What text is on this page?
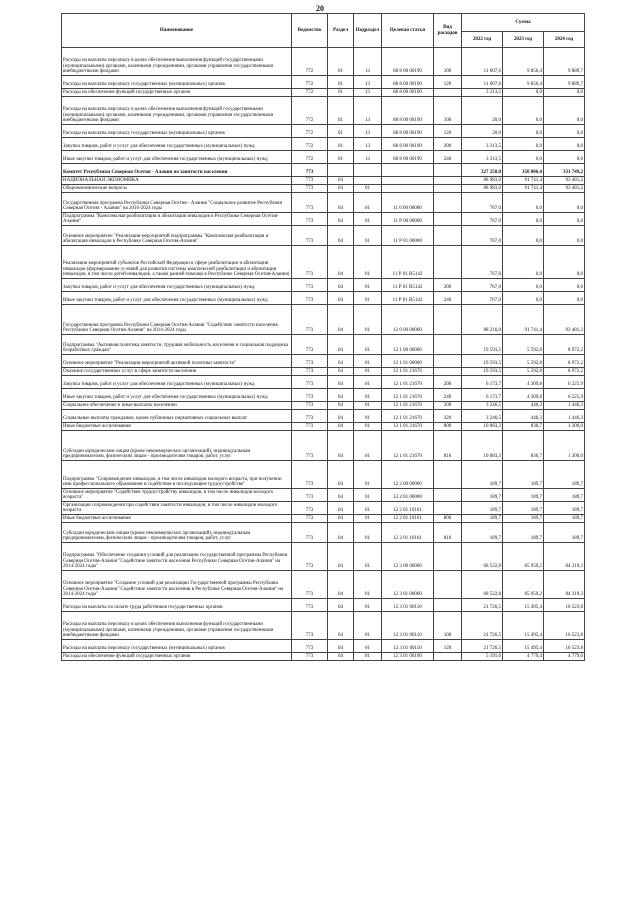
20
Наименование	Ведомство	Раздел	Подраздел	Целевая статья	Вид расходов	Сумма		
						2022 год	2023 год	2024 год
Расходы на выплаты персоналу в целях обеспечения выполнения функций государственными (муниципальными) органами, казенными учреждениями, органами управления государственными внебюджетными фондами	772	01	13	88 8 00 00190	100	11 607,6	9 856,4	9 889,7
Расходы на выплаты персоналу государственных (муниципальных) органов	772	01	13	88 8 00 00190	120	11 607,6	9 856,4	9 889,7
Расходы на обеспечение функций государственных органов	772	01	13	88 8 00 00190		3 313,5	0,0	0,0
Расходы на выплаты персоналу в целях обеспечения выполнения функций государственными (муниципальными) органами, казенными учреждениями, органами управления государственными внебюджетными фондами	772	01	13	88 8 00 00190	100	20,0	0,0	0,0
Расходы на выплаты персоналу государственных (муниципальных) органов	772	01	13	88 8 00 00190	120	20,0	0,0	0,0
Закупка товаров, работ и услуг для обеспечения государственных (муниципальных) нужд	772	01	13	88 8 00 00190	200	3 313,5	0,0	0,0
Иные закупки товаров, работ и услуг для обеспечения государственных (муниципальных) нужд	772	01	13	88 8 00 00190	240	3 313,5	0,0	0,0
Комитет Республики Северная Осетия - Алания по занятости населения	773					327 250,0	350 006,4	331 749,2
НАЦИОНАЛЬНАЯ ЭКОНОМИКА	773	04				88 983,0	91 741,4	93 481,2
Общеэкономические вопросы	773	04	01			88 983,0	91 741,4	93 481,2
Государственная программа Республики Северная Осетия - Алания "Социальное развитие Республики Северная Осетия - Алания" на 2016-2024 годы	773	04	01	11 0 00 00000		767,0	0,0	0,0
Подпрограмма "Комплексная реабилитация и абилитация инвалидов в Республике Северная Осетия-Алания"	773	04	01	11 Р 00 00000		767,0	0,0	0,0
Основное мероприятие "Реализация мероприятий подпрограммы "Комплексная реабилитация и абилитация инвалидов в Республике Северная Осетия-Алания"	773	04	01	11 Р 01 00000		767,0	0,0	0,0
Реализация мероприятий субъектов Российской Федерации в сфере реабилитации и абилитации инвалидов (формирование условий для развития системы комплексной реабилитации и абилитации инвалидов, в том числе детей-инвалидов, а также ранней помощи в Республике Северная Осетия-Алания)	773	04	01	11 Р 01 R5142		767,0	0,0	0,0
Закупка товаров, работ и услуг для обеспечения государственных (муниципальных) нужд	773	04	01	11 Р 01 R5142	200	767,0	0,0	0,0
Иные закупки товаров, работ и услуг для обеспечения государственных (муниципальных) нужд	773	04	01	11 Р 01 R5142	240	767,0	0,0	0,0
Государственная программа Республики Северная Осетия-Алания "Содействие занятости населения Республики Северная Осетия-Алания" на 2014-2024 годы	773	04	01	12 0 00 00000		88 216,0	91 741,4	93 481,2
Подпрограмма "Активная политика занятости, трудовая мобильность населения и социальная поддержка безработных граждан"	773	04	01	12 1 00 00000		19 593,5	5 592,8	8 972,2
Основное мероприятие "Реализация мероприятий активной политики занятости"	773	04	01	12 1 01 00000		19 593,5	5 592,8	8 972,2
Оказание государственных услуг в сфере занятости населения	773	04	01	12 1 01 21670		19 593,5	5 592,8	8 972,2
Закупка товаров, работ и услуг для обеспечения государственных (муниципальных) нужд	773	04	01	12 1 01 21670	200	6 173,7	4 309,8	6 225,9
Иные закупки товаров, работ и услуг для обеспечения государственных (муниципальных) нужд	773	04	01	12 1 01 21670	240	6 173,7	4 309,8	6 225,9
Социальное обеспечение и иные выплаты населению	773	04	01	12 1 01 21670	300	3 246,5	446,3	1 446,3
Социальные выплаты гражданам, кроме публичных нормативных социальных выплат	773	04	01	12 1 01 21670	320	3 246,5	446,3	1 446,3
Иные бюджетные ассигнования	773	04	01	12 1 01 21670	800	10 083,3	836,7	1 300,0
Субсидии юридическим лицам (кроме некоммерческих организаций), индивидуальным предпринимателям, физическим лицам - производителям товаров, работ, услуг	773	04	01	12 1 01 21670	810	10 083,3	836,7	1 300,0
Подпрограмма "Сопровождение инвалидов, в том числе инвалидов молодого возраста, при получении ими профессионального образования и содействия в последующем трудоустройстве"	773	04	01	12 2 00 00000		189,7	189,7	189,7
Основное мероприятие "Содействие трудоустройству инвалидов, в том числе инвалидов молодого возраста"	773	04	01	12 2 01 00000		189,7	189,7	189,7
Организация сопровождения при содействии занятости инвалидов, в том числе инвалидов молодого возраста	773	04	01	12 2 01 10161		189,7	189,7	189,7
Иные бюджетные ассигнования	773	04	01	12 2 01 10161	800	189,7	189,7	189,7
Субсидии юридическим лицам (кроме некоммерческих организаций), индивидуальным предпринимателям, физическим лицам - производителям товаров, работ, услуг	773	04	01	12 2 01 10161	810	189,7	189,7	189,7
Подпрограмма "Обеспечение создания условий для реализации государственной программы Республики Северная Осетия-Алания "Содействие занятости населения Республики Северная Осетия-Алания" на 2014-2024 годы"	773	04	01	12 3 00 00000		68 522,8	85 959,2	84 319,3
Основное мероприятие "Создание условий для реализации Государственной программы Республики Северная Осетия-Алания "Содействие занятости населения в Республике Северная Осетия-Алания" на 2014-2024 годы"	773	04	01	12 3 01 00000		68 522,8	85 959,2	84 319,3
Расходы на выплаты по оплате труда работников государственных органов	773	04	01	12 3 01 00110		21 726,5	15 495,4	16 523,8
Расходы на выплаты персоналу в целях обеспечения выполнения функций государственными (муниципальными) органами, казенными учреждениями, органами управления государственными внебюджетными фондами	773	04	01	12 3 01 00110	100	21 726,5	15 495,4	16 523,8
Расходы на выплаты персоналу государственных (муниципальных) органов	773	04	01	12 3 01 00110	120	21 726,5	15 495,4	16 523,8
Расходы на обеспечение функций государственных органов	773	04	01	12 3 01 00190		5 191,6	4 779,4	4 779,0
